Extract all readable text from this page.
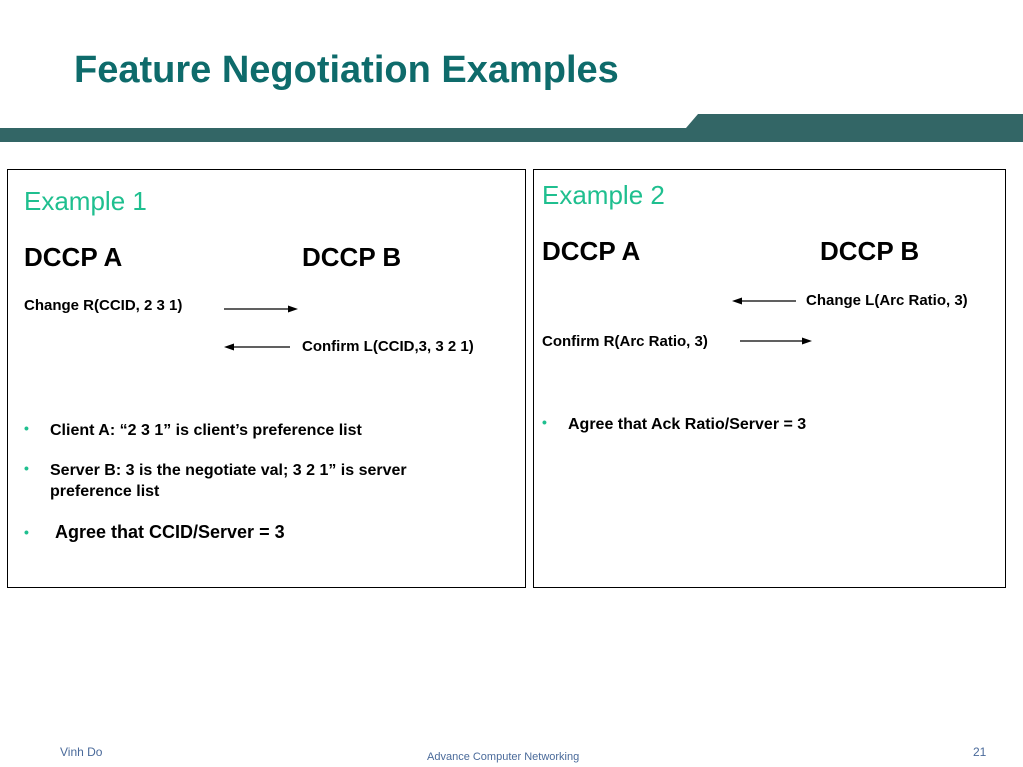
Feature Negotiation Examples
Example 1
DCCP A	DCCP B
Change R(CCID, 2 3 1)
Confirm L(CCID,3, 3 2 1)
• Client A: “2 3 1” is client’s preference list
• Server B: 3 is the negotiate val; 3 2 1” is server preference list
• Agree that CCID/Server = 3
Example 2
DCCP A	DCCP B
Change L(Arc Ratio, 3)
Confirm R(Arc Ratio, 3)
• Agree that Ack Ratio/Server = 3
Vinh Do	Advance Computer Networking	21
